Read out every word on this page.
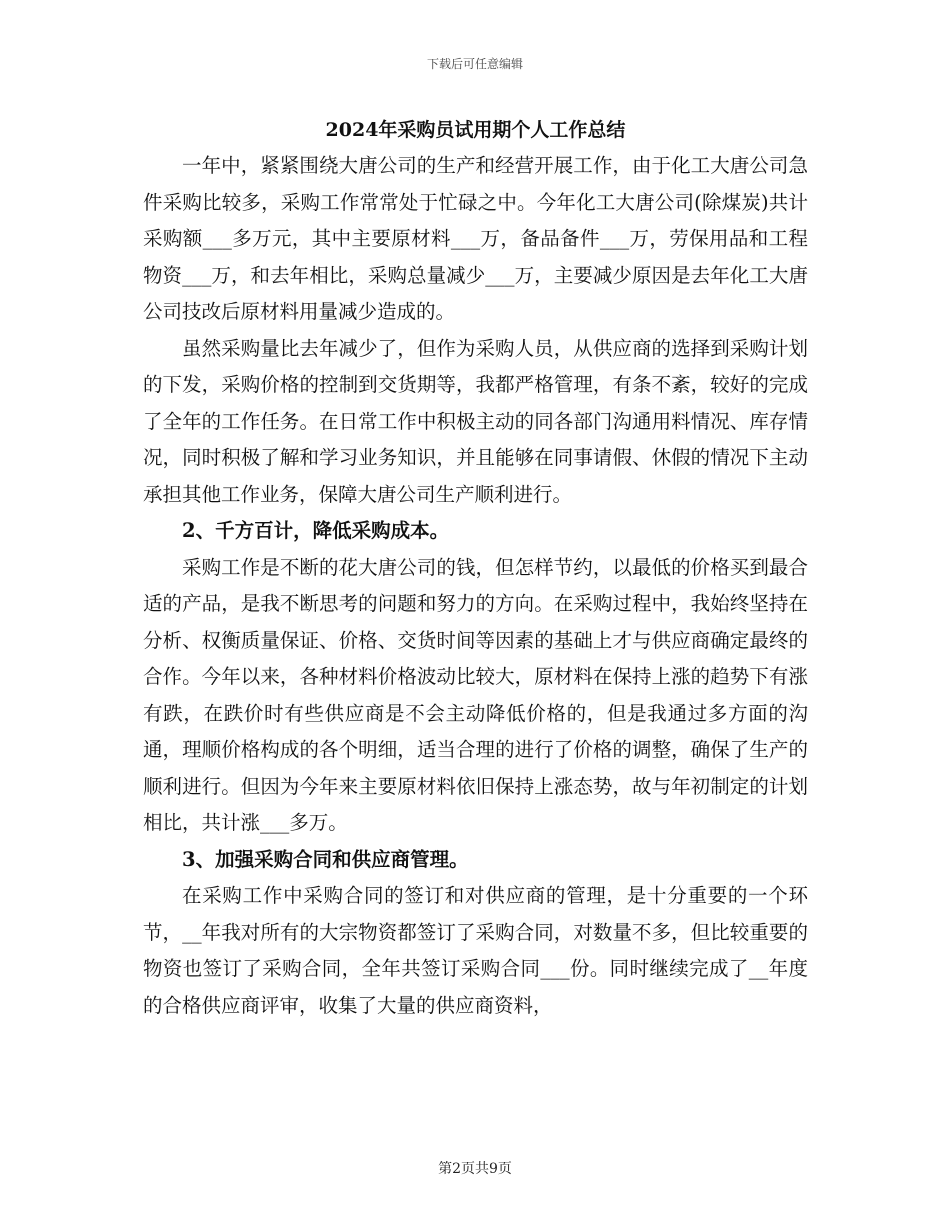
下载后可任意编辑
2024年采购员试用期个人工作总结

一年中，紧紧围绕大唐公司的生产和经营开展工作，由于化工大唐公司急件采购比较多，采购工作常常处于忙碌之中。今年化工大唐公司(除煤炭)共计采购额___多万元，其中主要原材料___万，备品备件___万，劳保用品和工程物资___万，和去年相比，采购总量减少___万，主要减少原因是去年化工大唐公司技改后原材料用量减少造成的。

虽然采购量比去年减少了，但作为采购人员，从供应商的选择到采购计划的下发，采购价格的控制到交货期等，我都严格管理，有条不紊，较好的完成了全年的工作任务。在日常工作中积极主动的同各部门沟通用料情况、库存情况，同时积极了解和学习业务知识，并且能够在同事请假、休假的情况下主动承担其他工作业务，保障大唐公司生产顺利进行。

2、千方百计，降低采购成本。

采购工作是不断的花大唐公司的钱，但怎样节约，以最低的价格买到最合适的产品，是我不断思考的问题和努力的方向。在采购过程中，我始终坚持在分析、权衡质量保证、价格、交货时间等因素的基础上才与供应商确定最终的合作。今年以来，各种材料价格波动比较大，原材料在保持上涨的趋势下有涨有跌，在跌价时有些供应商是不会主动降低价格的，但是我通过多方面的沟通，理顺价格构成的各个明细，适当合理的进行了价格的调整，确保了生产的顺利进行。但因为今年来主要原材料依旧保持上涨态势，故与年初制定的计划相比，共计涨___多万。

3、加强采购合同和供应商管理。

在采购工作中采购合同的签订和对供应商的管理，是十分重要的一个环节，__年我对所有的大宗物资都签订了采购合同，对数量不多，但比较重要的物资也签订了采购合同，全年共签订采购合同___份。同时继续完成了__年度的合格供应商评审，收集了大量的供应商资料，

第2页共9页
